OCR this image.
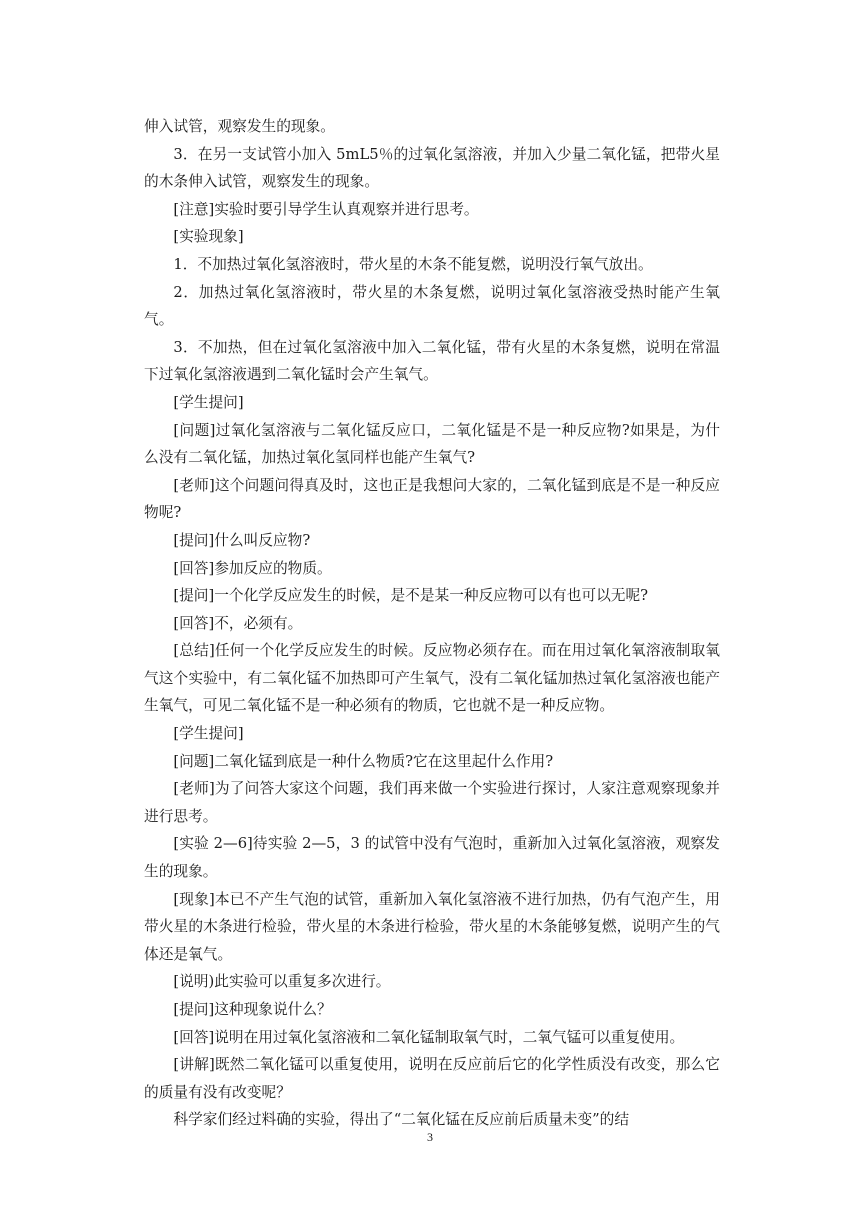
伸入试管，观察发生的现象。

3．在另一支试管小加入 5mL5％的过氧化氢溶液，并加入少量二氧化锰，把带火星的木条伸入试管，观察发生的现象。

[注意]实验时要引导学生认真观察并进行思考。

[实验现象]

1．不加热过氧化氢溶液时，带火星的木条不能复燃，说明没行氧气放出。

2．加热过氧化氢溶液时，带火星的木条复燃，说明过氧化氢溶液受热时能产生氧气。

3．不加热，但在过氧化氢溶液中加入二氧化锰，带有火星的木条复燃，说明在常温下过氧化氢溶液遇到二氧化锰时会产生氧气。

[学生提问]

[问题]过氧化氢溶液与二氧化锰反应口，二氧化锰是不是一种反应物?如果是，为什么没有二氧化锰，加热过氧化氢同样也能产生氧气?

[老师]这个问题问得真及时，这也正是我想问大家的，二氧化锰到底是不是一种反应物呢?

[提问]什么叫反应物?

[回答]参加反应的物质。

[提问]一个化学反应发生的时候，是不是某一种反应物可以有也可以无呢?

[回答]不，必须有。

[总结]任何一个化学反应发生的时候。反应物必须存在。而在用过氧化氧溶液制取氧气这个实验中，有二氧化锰不加热即可产生氧气，没有二氧化锰加热过氧化氢溶液也能产生氧气，可见二氧化锰不是一种必须有的物质，它也就不是一种反应物。

[学生提问]

[问题]二氧化锰到底是一种什么物质?它在这里起什么作用?

[老师]为了问答大家这个问题，我们再来做一个实验进行探讨，人家注意观察现象并进行思考。

[实验 2—6]待实验 2—5，3 的试管中没有气泡时，重新加入过氧化氢溶液，观察发生的现象。

[现象]本已不产生气泡的试管，重新加入氧化氢溶液不进行加热，仍有气泡产生，用带火星的木条进行检验，带火星的木条进行检验，带火星的木条能够复燃，说明产生的气体还是氧气。

[说明)此实验可以重复多次进行。

[提问]这种现象说什么？

[回答]说明在用过氧化氢溶液和二氧化锰制取氧气时，二氧气锰可以重复使用。

[讲解]既然二氧化锰可以重复使用，说明在反应前后它的化学性质没有改变，那么它的质量有没有改变呢？

科学家们经过料确的实验，得出了“二氧化锰在反应前后质量未变”的结

3
